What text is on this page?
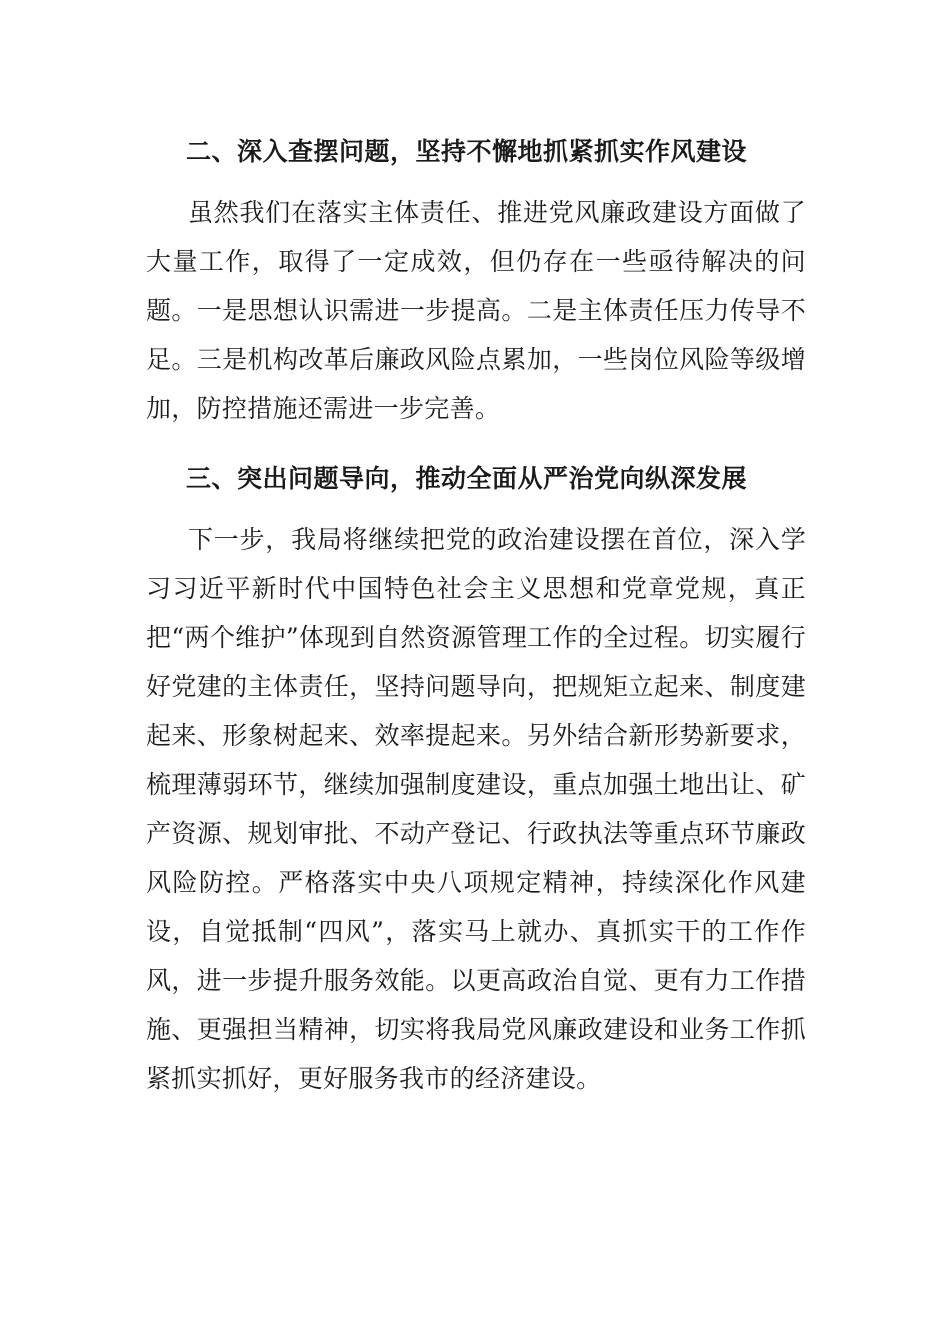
二、深入查摆问题，坚持不懈地抓紧抓实作风建设

虽然我们在落实主体责任、推进党风廉政建设方面做了大量工作，取得了一定成效，但仍存在一些亟待解决的问题。一是思想认识需进一步提高。二是主体责任压力传导不足。三是机构改革后廉政风险点累加，一些岗位风险等级增加，防控措施还需进一步完善。

三、突出问题导向，推动全面从严治党向纵深发展

下一步，我局将继续把党的政治建设摆在首位，深入学习习近平新时代中国特色社会主义思想和党章党规，真正把“两个维护”体现到自然资源管理工作的全过程。切实履行好党建的主体责任，坚持问题导向，把规矩立起来、制度建起来、形象树起来、效率提起来。另外结合新形势新要求，梳理薄弱环节，继续加强制度建设，重点加强土地出让、矿产资源、规划审批、不动产登记、行政执法等重点环节廉政风险防控。严格落实中央八项规定精神，持续深化作风建设，自觉抵制“四风”，落实马上就办、真抓实干的工作作风，进一步提升服务效能。以更高政治自觉、更有力工作措施、更强担当精神，切实将我局党风廉政建设和业务工作抓紧抓实抓好，更好服务我市的经济建设。
